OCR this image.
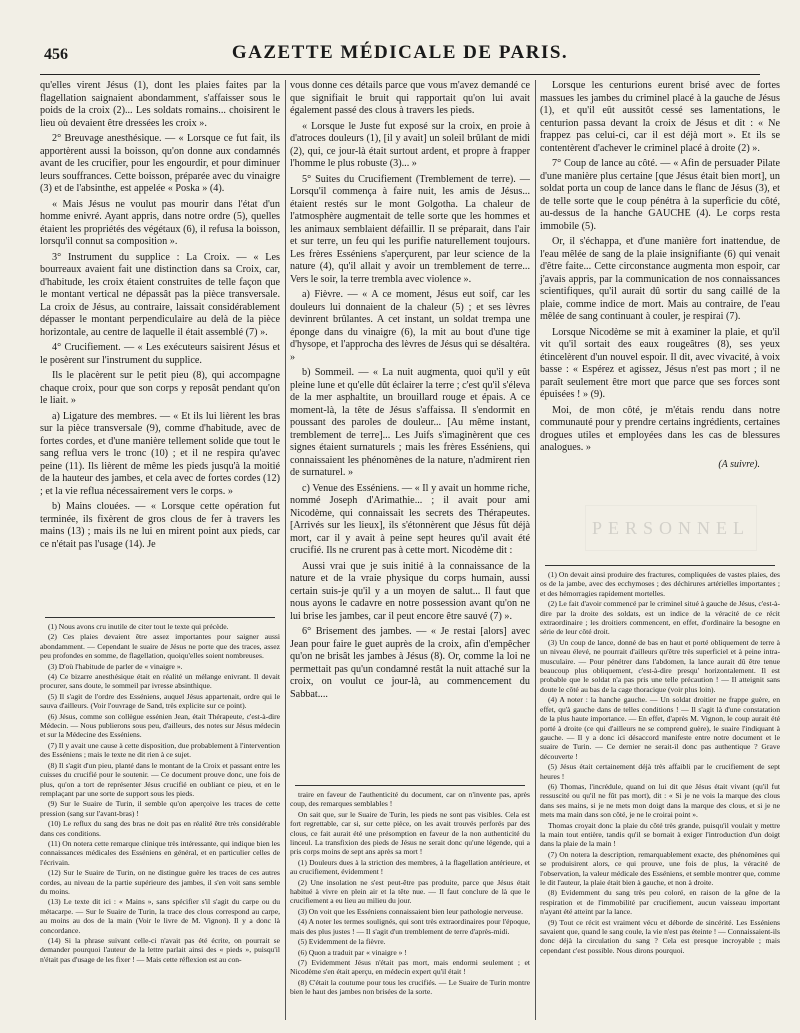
456	GAZETTE MÉDICALE DE PARIS.

qu'elles virent Jésus (1), dont les plaies faites par la flagellation saignaient abondamment, s'affaisser sous le poids de la croix (2)... Les soldats romains... choisirent le lieu où devaient être dressées les croix ».

2° Breuvage anesthésique. — « Lorsque ce fut fait, ils apportèrent aussi la boisson, qu'on donne aux condamnés avant de les crucifier, pour les engourdir, et pour diminuer leurs souffrances. Cette boisson, préparée avec du vinaigre (3) et de l'absinthe, est appelée « Poska » (4).

« Mais Jésus ne voulut pas mourir dans l'état d'un homme enivré. Ayant appris, dans notre ordre (5), quelles étaient les propriétés des végétaux (6), il refusa la boisson, lorsqu'il connut sa composition ».

3° Instrument du supplice : La Croix. — « Les bourreaux avaient fait une distinction dans sa Croix, car, d'habitude, les croix étaient construites de telle façon que le montant vertical ne dépassât pas la pièce transversale. La croix de Jésus, au contraire, laissait considérablement dépasser le montant perpendiculaire au delà de la pièce horizontale, au centre de laquelle il était assemblé (7) ».

4° Crucifiement. — « Les exécuteurs saisirent Jésus et le posèrent sur l'instrument du supplice.

Ils le placèrent sur le petit pieu (8), qui accompagne chaque croix, pour que son corps y reposât pendant qu'on le liait. »

a) Ligature des membres. — « Et ils lui lièrent les bras sur la pièce transversale (9), comme d'habitude, avec de fortes cordes, et d'une manière tellement solide que tout le sang reflua vers le tronc (10) ; et il ne respira qu'avec peine (11). Ils lièrent de même les pieds jusqu'à la moitié de la hauteur des jambes, et cela avec de fortes cordes (12) ; et la vie reflua nécessairement vers le corps. »

b) Mains clouées. — « Lorsque cette opération fut terminée, ils fixèrent de gros clous de fer à travers les mains (13) ; mais ils ne lui en mirent point aux pieds, car ce n'était pas l'usage (14). Je

vous donne ces détails parce que vous m'avez demandé ce que signifiait le bruit qui rapportait qu'on lui avait également passé des clous à travers les pieds.

« Lorsque le Juste fut exposé sur la croix, en proie à d'atroces douleurs (1), [il y avait] un soleil brûlant de midi (2), qui, ce jour-là était surtout ardent, et propre à frapper l'homme le plus robuste (3)... »

5° Suites du Crucifiement (Tremblement de terre). — Lorsqu'il commença à faire nuit, les amis de Jésus... étaient restés sur le mont Golgotha. La chaleur de l'atmosphère augmentait de telle sorte que les hommes et les animaux semblaient défaillir. Il se préparait, dans l'air et sur terre, un feu qui les purifie naturellement toujours. Les frères Esséniens s'aperçurent, par leur science de la nature (4), qu'il allait y avoir un tremblement de terre... Vers le soir, la terre trembla avec violence ».

a) Fièvre. — « A ce moment, Jésus eut soif, car les douleurs lui donnaient de la chaleur (5) ; et ses lèvres devinrent brûlantes. A cet instant, un soldat trempa une éponge dans du vinaigre (6), la mit au bout d'une tige d'hysope, et l'approcha des lèvres de Jésus qui se désaltéra. »

b) Sommeil. — « La nuit augmenta, quoi qu'il y eût pleine lune et qu'elle dût éclairer la terre ; c'est qu'il s'éleva de la mer asphaltite, un brouillard rouge et épais. A ce moment-là, la tête de Jésus s'affaissa. Il s'endormit en poussant des paroles de douleur... [Au même instant, tremblement de terre]... Les Juifs s'imaginèrent que ces signes étaient surnaturels ; mais les frères Esséniens, qui connaissaient les phénomènes de la nature, n'admirent rien de surnaturel. »

c) Venue des Esséniens. — « Il y avait un homme riche, nommé Joseph d'Arimathie... ; il avait pour ami Nicodème, qui connaissait les secrets des Thérapeutes. [Arrivés sur les lieux], ils s'étonnèrent que Jésus fût déjà mort, car il y avait à peine sept heures qu'il avait été crucifié. Ils ne crurent pas à cette mort. Nicodème dit :

Aussi vrai que je suis initié à la connaissance de la nature et de la vraie physique du corps humain, aussi certain suis-je qu'il y a un moyen de salut... Il faut que nous ayons le cadavre en notre possession avant qu'on ne lui brise les jambes, car il peut encore être sauvé (7) ».

6° Brisement des jambes. — « Je restai [alors] avec Jean pour faire le guet auprès de la croix, afin d'empêcher qu'on ne brisât les jambes à Jésus (8). Or, comme la loi ne permettait pas qu'un condamné restât la nuit attaché sur la croix, on voulut ce jour-là, au commencement du Sabbat....

Lorsque les centurions eurent brisé avec de fortes massues les jambes du criminel placé à la gauche de Jésus (1), et qu'il eût aussitôt cessé ses lamentations, le centurion passa devant la croix de Jésus et dit : « Ne frappez pas celui-ci, car il est déjà mort ». Et ils se contentèrent d'achever le criminel placé à droite (2) ».

7° Coup de lance au côté. — « Afin de persuader Pilate d'une manière plus certaine [que Jésus était bien mort], un soldat porta un coup de lance dans le flanc de Jésus (3), et de telle sorte que le coup pénétra à la superficie du côté, au-dessus de la hanche GAUCHE (4). Le corps resta immobile (5).

Or, il s'échappa, et d'une manière fort inattendue, de l'eau mêlée de sang de la plaie insignifiante (6) qui venait d'être faite... Cette circonstance augmenta mon espoir, car j'avais appris, par la communication de nos connaissances scientifiques, qu'il aurait dû sortir du sang caillé de la plaie, comme indice de mort. Mais au contraire, de l'eau mêlée de sang continuant à couler, je respirai (7).

Lorsque Nicodème se mit à examiner la plaie, et qu'il vit qu'il sortait des eaux rougeâtres (8), ses yeux étincelèrent d'un nouvel espoir. Il dit, avec vivacité, à voix basse : « Espérez et agissez, Jésus n'est pas mort ; il ne paraît seulement être mort que parce que ses forces sont épuisées ! » (9).

Moi, de mon côté, je m'étais rendu dans notre communauté pour y prendre certains ingrédients, certaines drogues utiles et employées dans les cas de blessures analogues. »

(A suivre).
PERSONNEL

(1) Nous avons cru inutile de citer tout le texte qui précède.

(2) Ces plaies devaient être assez importantes pour saigner aussi abondamment. — Cependant le suaire de Jésus ne porte que des traces, assez peu profondes en somme, de flagellation, quoiqu'elles soient nombreuses.

(3) D'où l'habitude de parler de « vinaigre ».

(4) Ce bizarre anesthésique était en réalité un mélange enivrant. Il devait procurer, sans doute, le sommeil par ivresse absinthique.

(5) Il s'agit de l'ordre des Esséniens, auquel Jésus appartenait, ordre qui le sauva d'ailleurs. (Voir l'ouvrage de Sand, très explicite sur ce point).

(6) Jésus, comme son collègue essénien Jean, était Thérapeute, c'est-à-dire Médecin. — Nous publierons sous peu, d'ailleurs, des notes sur Jésus médecin et sur la Médecine des Esséniens.

(7) Il y avait une cause à cette disposition, due probablement à l'intervention des Esséniens ; mais le texte ne dit rien à ce sujet.

(8) Il s'agit d'un pieu, planté dans le montant de la Croix et passant entre les cuisses du crucifié pour le soutenir. — Ce document prouve donc, une fois de plus, qu'on a tort de représenter Jésus crucifié en oubliant ce pieu, et en le remplaçant par une sorte de support sous les pieds.

(9) Sur le Suaire de Turin, il semble qu'on aperçoive les traces de cette pression (sang sur l'avant-bras) !

(10) Le reflux du sang des bras ne doit pas en réalité être très considérable dans ces conditions.

(11) On notera cette remarque clinique très intéressante, qui indique bien les connaissances médicales des Esséniens en général, et en particulier celles de l'écrivain.

(12) Sur le Suaire de Turin, on ne distingue guère les traces de ces autres cordes, au niveau de la partie supérieure des jambes, il s'en voit sans semble du moins.

(13) Le texte dit ici : « Mains », sans spécifier s'il s'agit du carpe ou du métacarpe. — Sur le Suaire de Turin, la trace des clous correspond au carpe, au moins au dos de la main (Voir le livre de M. Vignon). Il y a donc là concordance.

(14) Si la phrase suivant celle-ci n'avait pas été écrite, on pourrait se demander pourquoi l'auteur de la lettre parlait ainsi des « pieds », puisqu'il n'était pas d'usage de les fixer ! — Mais cette réflexion est au con-

traire en faveur de l'authenticité du document, car on n'invente pas, après coup, des remarques semblables !

On sait que, sur le Suaire de Turin, les pieds ne sont pas visibles. Cela est fort regrettable, car si, sur cette pièce, on les avait trouvés perforés par des clous, ce fait aurait été une présomption en faveur de la non authenticité du linceul. La transfixion des pieds de Jésus ne serait donc qu'une légende, qui a pris corps moins de sept ans après sa mort !

(1) Douleurs dues à la striction des membres, à la flagellation antérieure, et au crucifiement, évidemment !

(2) Une insolation ne s'est peut-être pas produite, parce que Jésus était habitué à vivre en plein air et la tête nue. — Il faut conclure de là que le crucifiement a eu lieu au milieu du jour.

(3) On voit que les Esséniens connaissaient bien leur pathologie nerveuse.

(4) A noter les termes soulignés, qui sont très extraordinaires pour l'époque, mais des plus justes ! — Il s'agit d'un tremblement de terre d'après-midi.

(5) Evidemment de la fièvre.

(6) Quon a traduit par « vinaigre » !

(7) Evidemment Jésus n'était pas mort, mais endormi seulement ; et Nicodème s'en était aperçu, en médecin expert qu'il était !

(8) C'était la coutume pour tous les crucifiés. — Le Suaire de Turin montre bien le haut des jambes non brisées de la sorte.

(1) On devait ainsi produire des fractures, compliquées de vastes plaies, des os de la jambe, avec des ecchymoses ; des déchirures artérielles importantes ; et des hémorragies rapidement mortelles.

(2) Le fait d'avoir commencé par le criminel situé à gauche de Jésus, c'est-à-dire par la droite des soldats, est un indice de la véracité de ce récit extraordinaire ; les droitiers commencent, en effet, d'ordinaire la besogne en série de leur côté droit.

(3) Un coup de lance, donné de bas en haut et porté obliquement de terre à un niveau élevé, ne pourrait d'ailleurs qu'être très superficiel et à peine intra-musculaire. — Pour pénétrer dans l'abdomen, la lance aurait dû être tenue beaucoup plus obliquement, c'est-à-dire presqu' horizontalement. Il est probable que le soldat n'a pas pris une telle précaution ! — Il atteignit sans doute le côté au bas de la cage thoracique (voir plus loin).

(4) A noter : la hanche gauche. — Un soldat droitier ne frappe guère, en effet, qu'à gauche dans de telles conditions ! — Il s'agit là d'une constatation de la plus haute importance. — En effet, d'après M. Vignon, le coup aurait été porté à droite (ce qui d'ailleurs ne se comprend guère), le suaire l'indiquant à gauche. — Il y a donc ici désaccord manifeste entre notre document et le suaire de Turin. — Ce dernier ne serait-il donc pas authentique ? Grave découverte !

(5) Jésus était certainement déjà très affaibli par le crucifiement de sept heures !

(6) Thomas, l'incrédule, quand on lui dit que Jésus était vivant (qu'il fut ressuscité ou qu'il ne fût pas mort), dit : « Si je ne vois la marque des clous dans ses mains, si je ne mets mon doigt dans la marque des clous, et si je ne mets ma main dans son côté, je ne le croirai point ».

Thomas croyait donc la plaie du côté très grande, puisqu'il voulait y mettre la main tout entière, tandis qu'il se bornait à exiger l'introduction d'un doigt dans la plaie de la main !

(7) On notera la description, remarquablement exacte, des phénomènes qui se produisirent alors, ce qui prouve, une fois de plus, la véracité de l'observation, la valeur médicale des Esséniens, et semble montrer que, comme le dit l'auteur, la plaie était bien à gauche, et non à droite.

(8) Evidemment du sang très peu coloré, en raison de la gêne de la respiration et de l'immobilité par crucifiement, aucun vaisseau important n'ayant été atteint par la lance.

(9) Tout ce récit est vraiment vécu et déborde de sincérité. Les Esséniens savaient que, quand le sang coule, la vie n'est pas éteinte ! — Connaissaient-ils donc déjà la circulation du sang ? Cela est presque incroyable ; mais cependant c'est possible. Nous dirons pourquoi.
